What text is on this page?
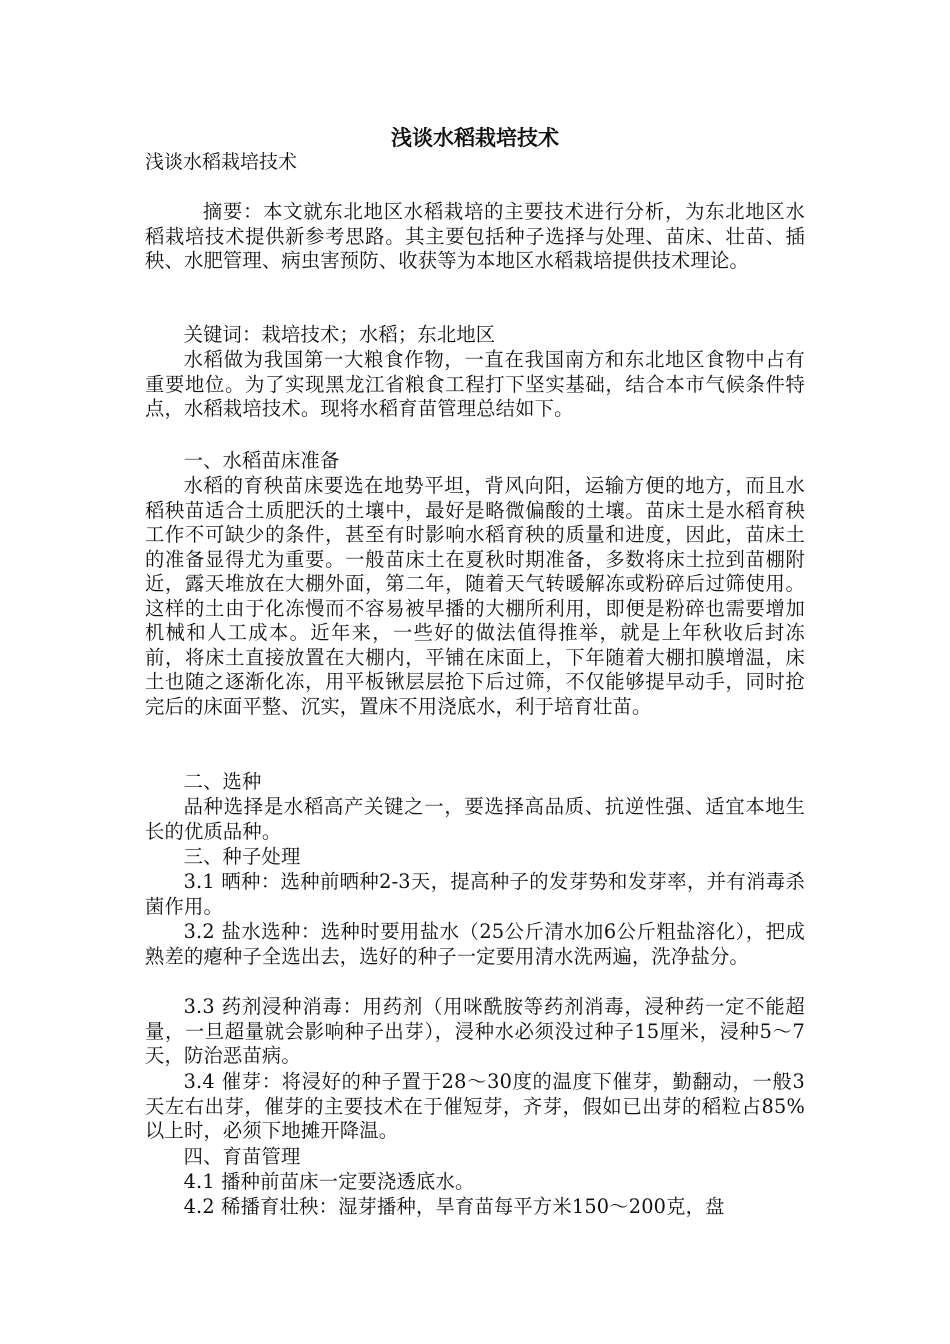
浅谈水稻栽培技术
浅谈水稻栽培技术
摘要：本文就东北地区水稻栽培的主要技术进行分析，为东北地区水稻栽培技术提供新参考思路。其主要包括种子选择与处理、苗床、壮苗、插秧、水肥管理、病虫害预防、收获等为本地区水稻栽培提供技术理论。
关键词：栽培技术；水稻；东北地区
水稻做为我国第一大粮食作物，一直在我国南方和东北地区食物中占有重要地位。为了实现黑龙江省粮食工程打下坚实基础，结合本市气候条件特点，水稻栽培技术。现将水稻育苗管理总结如下。
一、水稻苗床准备
水稻的育秧苗床要选在地势平坦，背风向阳，运输方便的地方，而且水稻秧苗适合土质肥沃的土壤中，最好是略微偏酸的土壤。苗床土是水稻育秧工作不可缺少的条件，甚至有时影响水稻育秧的质量和进度，因此，苗床土的准备显得尤为重要。一般苗床土在夏秋时期准备，多数将床土拉到苗棚附近，露天堆放在大棚外面，第二年，随着天气转暖解冻或粉碎后过筛使用。这样的土由于化冻慢而不容易被早播的大棚所利用，即便是粉碎也需要增加机械和人工成本。近年来，一些好的做法值得推举，就是上年秋收后封冻前，将床土直接放置在大棚内，平铺在床面上，下年随着大棚扣膜增温，床土也随之逐渐化冻，用平板锹层层抢下后过筛，不仅能够提早动手，同时抢完后的床面平整、沉实，置床不用浇底水，利于培育壮苗。
二、选种
品种选择是水稻高产关键之一，要选择高品质、抗逆性强、适宜本地生长的优质品种。
三、种子处理
3.1 晒种：选种前晒种2-3天，提高种子的发芽势和发芽率，并有消毒杀菌作用。
3.2 盐水选种：选种时要用盐水（25公斤清水加6公斤粗盐溶化），把成熟差的瘪种子全选出去，选好的种子一定要用清水洗两遍，洗净盐分。
3.3 药剂浸种消毒：用药剂（用咪酰胺等药剂消毒，浸种药一定不能超量，一旦超量就会影响种子出芽），浸种水必须没过种子15厘米，浸种5～7天，防治恶苗病。
3.4 催芽：将浸好的种子置于28～30度的温度下催芽，勤翻动，一般3天左右出芽，催芽的主要技术在于催短芽，齐芽，假如已出芽的稻粒占85%以上时，必须下地摊开降温。
四、育苗管理
4.1 播种前苗床一定要浇透底水。
4.2 稀播育壮秧：湿芽播种，旱育苗每平方米150～200克，盘
